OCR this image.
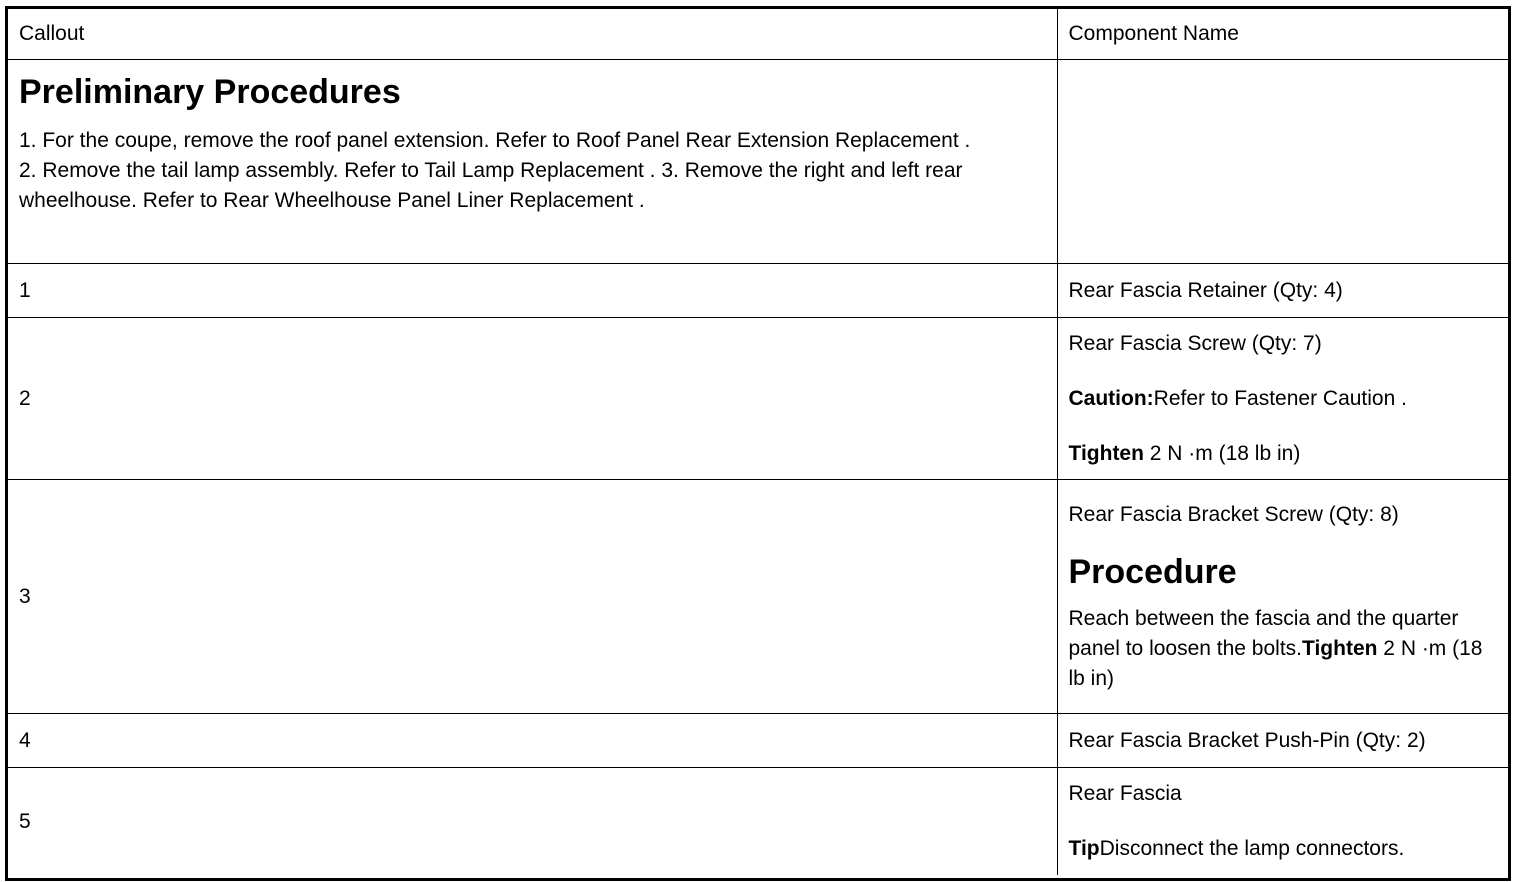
Callout	Component Name

Preliminary Procedures

1. For the coupe, remove the roof panel extension. Refer to Roof Panel Rear Extension Replacement . 2. Remove the tail lamp assembly. Refer to Tail Lamp Replacement . 3. Remove the right and left rear wheelhouse. Refer to Rear Wheelhouse Panel Liner Replacement .	

1	Rear Fascia Retainer (Qty: 4)
2	Rear Fascia Screw (Qty: 7)

Caution:Refer to Fastener Caution .

Tighten 2 N ·m (18 lb in)

3	Rear Fascia Bracket Screw (Qty: 8)

Procedure

Reach between the fascia and the quarter panel to loosen the bolts.Tighten 2 N ·m (18 lb in)

4	Rear Fascia Bracket Push-Pin (Qty: 2)
5	Rear Fascia

TipDisconnect the lamp connectors.
